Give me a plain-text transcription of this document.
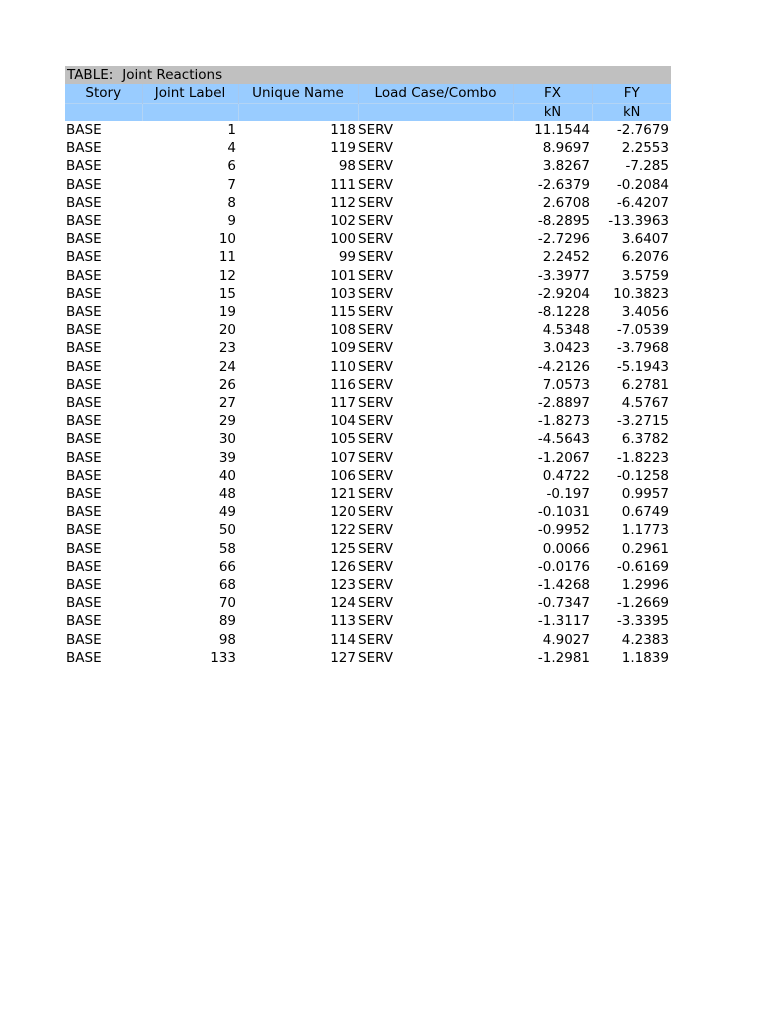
TABLE: Joint Reactions
Story	Joint Label	Unique Name	Load Case/Combo	FX	FY
				kN	kN
BASE	1	118	SERV	11.1544	-2.7679
BASE	4	119	SERV	8.9697	2.2553
BASE	6	98	SERV	3.8267	-7.285
BASE	7	111	SERV	-2.6379	-0.2084
BASE	8	112	SERV	2.6708	-6.4207
BASE	9	102	SERV	-8.2895	-13.3963
BASE	10	100	SERV	-2.7296	3.6407
BASE	11	99	SERV	2.2452	6.2076
BASE	12	101	SERV	-3.3977	3.5759
BASE	15	103	SERV	-2.9204	10.3823
BASE	19	115	SERV	-8.1228	3.4056
BASE	20	108	SERV	4.5348	-7.0539
BASE	23	109	SERV	3.0423	-3.7968
BASE	24	110	SERV	-4.2126	-5.1943
BASE	26	116	SERV	7.0573	6.2781
BASE	27	117	SERV	-2.8897	4.5767
BASE	29	104	SERV	-1.8273	-3.2715
BASE	30	105	SERV	-4.5643	6.3782
BASE	39	107	SERV	-1.2067	-1.8223
BASE	40	106	SERV	0.4722	-0.1258
BASE	48	121	SERV	-0.197	0.9957
BASE	49	120	SERV	-0.1031	0.6749
BASE	50	122	SERV	-0.9952	1.1773
BASE	58	125	SERV	0.0066	0.2961
BASE	66	126	SERV	-0.0176	-0.6169
BASE	68	123	SERV	-1.4268	1.2996
BASE	70	124	SERV	-0.7347	-1.2669
BASE	89	113	SERV	-1.3117	-3.3395
BASE	98	114	SERV	4.9027	4.2383
BASE	133	127	SERV	-1.2981	1.1839
